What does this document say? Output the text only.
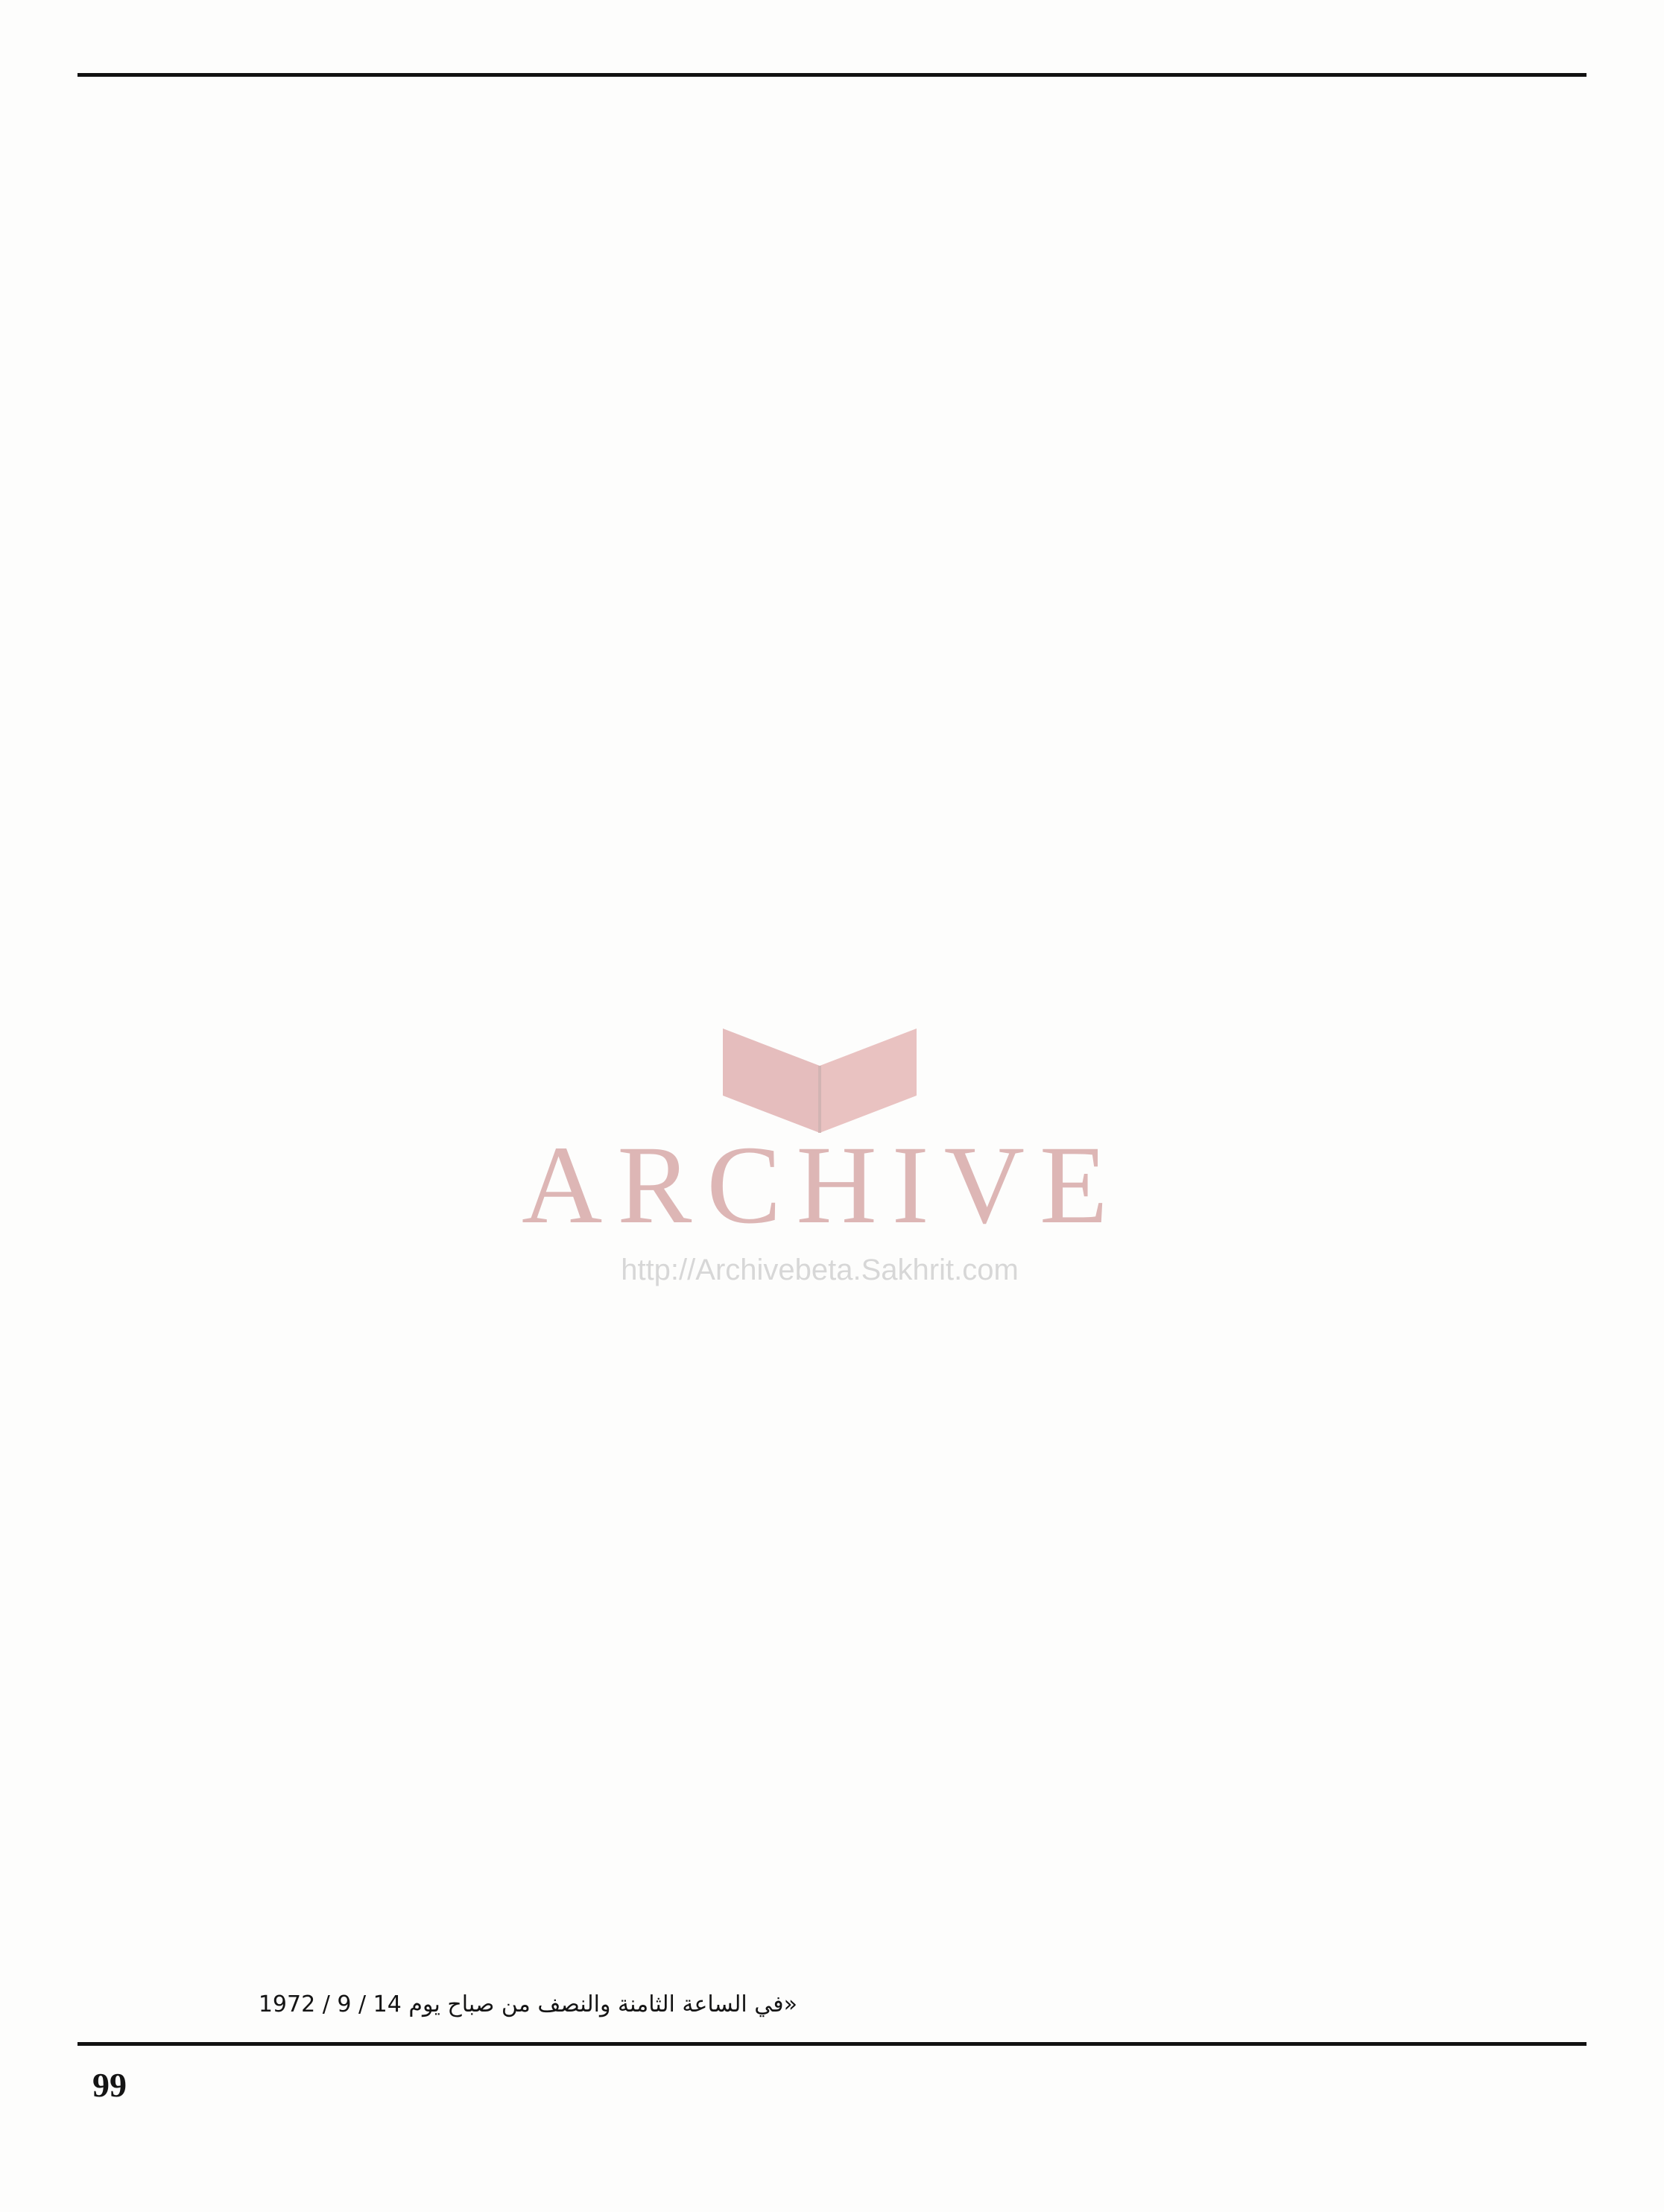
ARCHIVE
http://Archivebeta.Sakhrit.com
«في الساعة الثامنة والنصف من صباح يوم 14 / 9 / 1972
99
